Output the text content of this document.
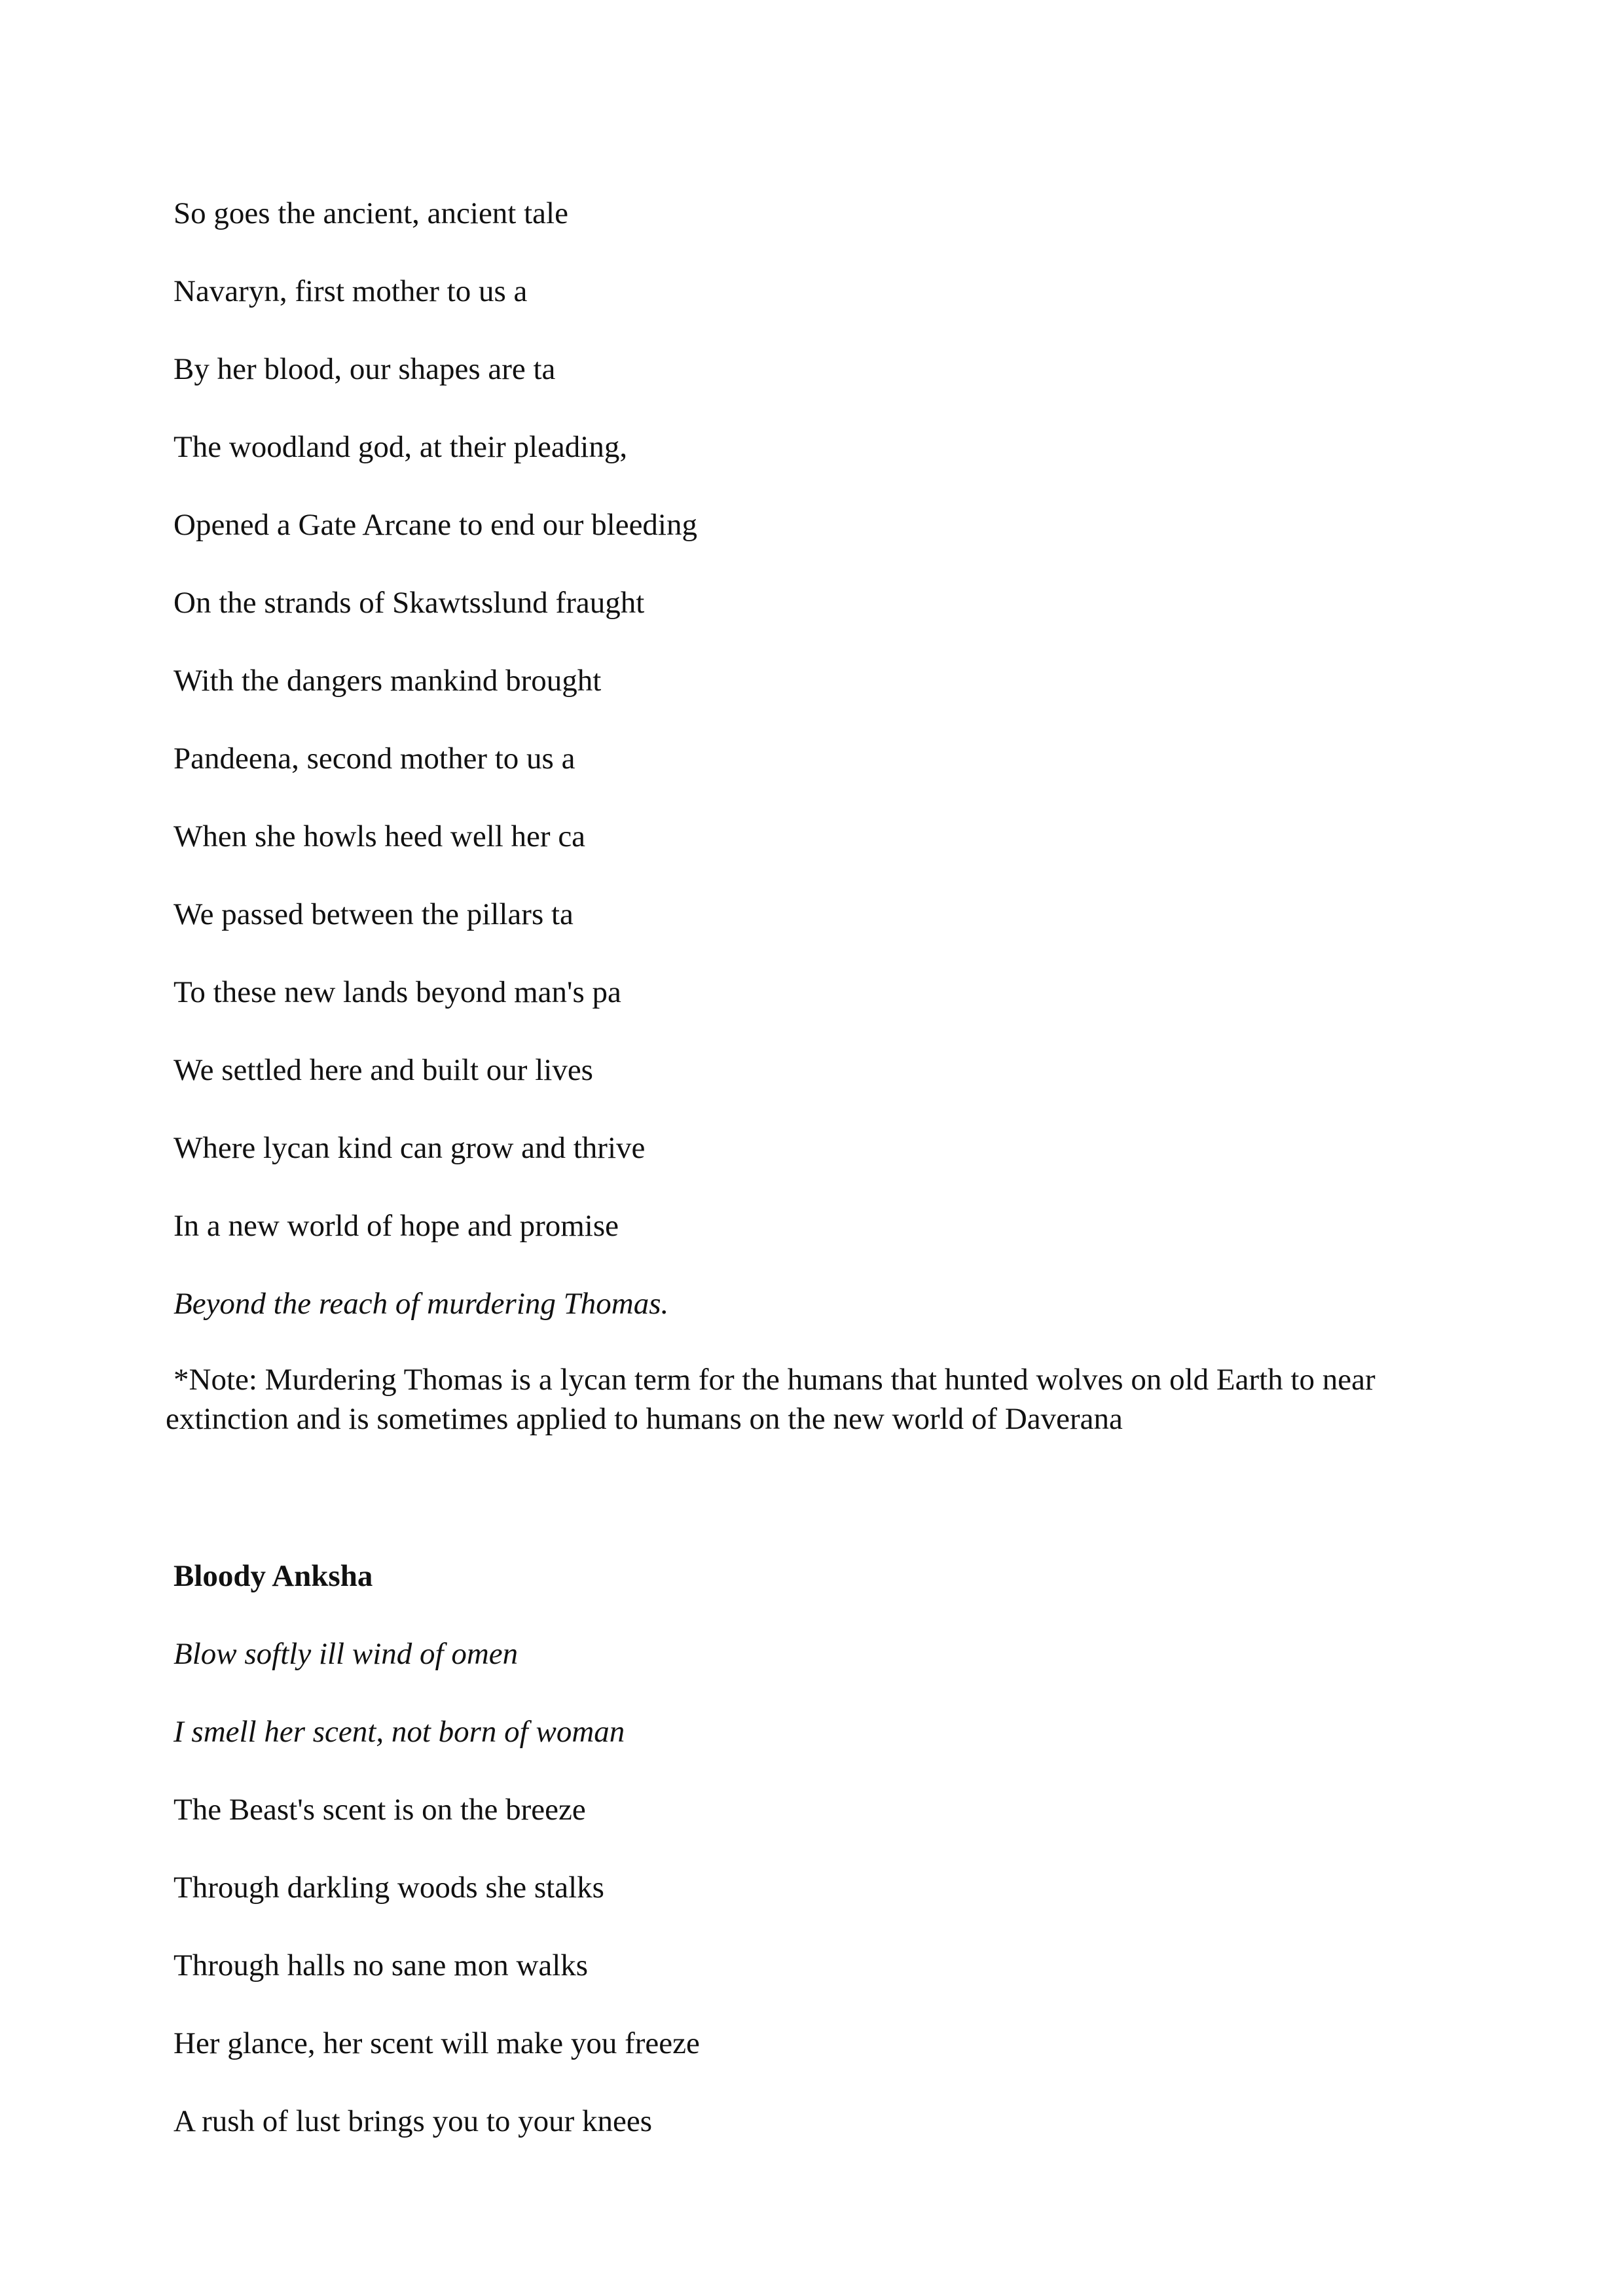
So goes the ancient, ancient tale

Navaryn, first mother to us a

By her blood, our shapes are ta

The woodland god, at their pleading,

Opened a Gate Arcane to end our bleeding

On the strands of Skawtsslund fraught

With the dangers mankind brought

Pandeena, second mother to us a

When she howls heed well her ca

We passed between the pillars ta

To these new lands beyond man's pa

We settled here and built our lives

Where lycan kind can grow and thrive

In a new world of hope and promise

Beyond the reach of murdering Thomas.

*Note: Murdering Thomas is a lycan term for the humans that hunted wolves on old Earth to near
extinction and is sometimes applied to humans on the new world of Daverana

Bloody Anksha

Blow softly ill wind of omen

I smell her scent, not born of woman

The Beast's scent is on the breeze

Through darkling woods she stalks

Through halls no sane mon walks

Her glance, her scent will make you freeze

A rush of lust brings you to your knees
